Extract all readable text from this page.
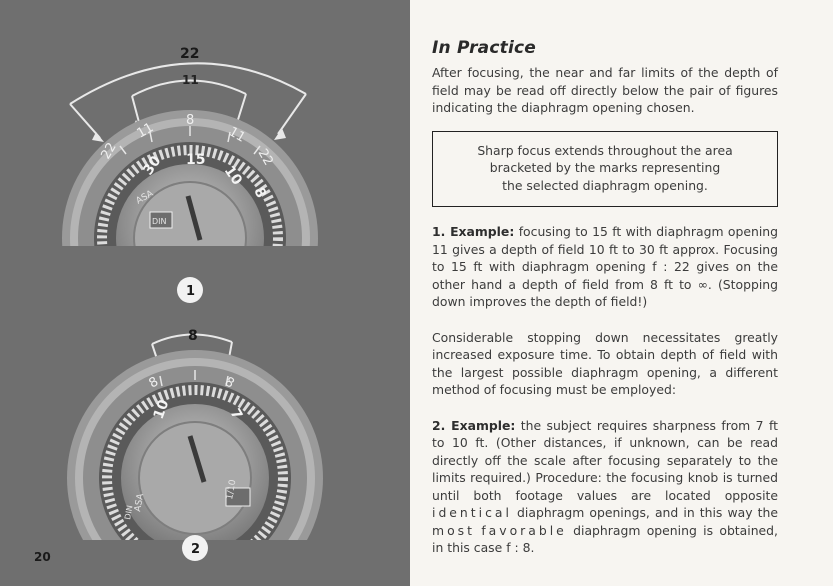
22
11
22
11 8
11
22
30 15
10
8
ASA
DIN
1
8
8	8
10	7
ASA
DIN
1/10
2
20
In Practice

After focusing, the near and far limits of the depth of field may be read off directly below the pair of figures indicating the diaphragm opening chosen.

Sharp focus extends throughout the area
bracketed by the marks representing
the selected diaphragm opening.

1. Example: focusing to 15 ft with diaphragm opening 11 gives a depth of field 10 ft to 30 ft approx. Focusing to 15 ft with diaphragm opening f : 22 gives on the other hand a depth of field from 8 ft to ∞. (Stopping down improves the depth of field!)

Considerable stopping down necessitates greatly increased exposure time. To obtain depth of field with the largest possible diaphragm opening, a different method of focusing must be employed:

2. Example: the subject requires sharpness from 7 ft to 10 ft. (Other distances, if unknown, can be read directly off the scale after focusing separately to the limits required.) Procedure: the focusing knob is turned until both footage values are located opposite identical diaphragm openings, and in this way the most favorable diaphragm opening is obtained, in this case f : 8.
